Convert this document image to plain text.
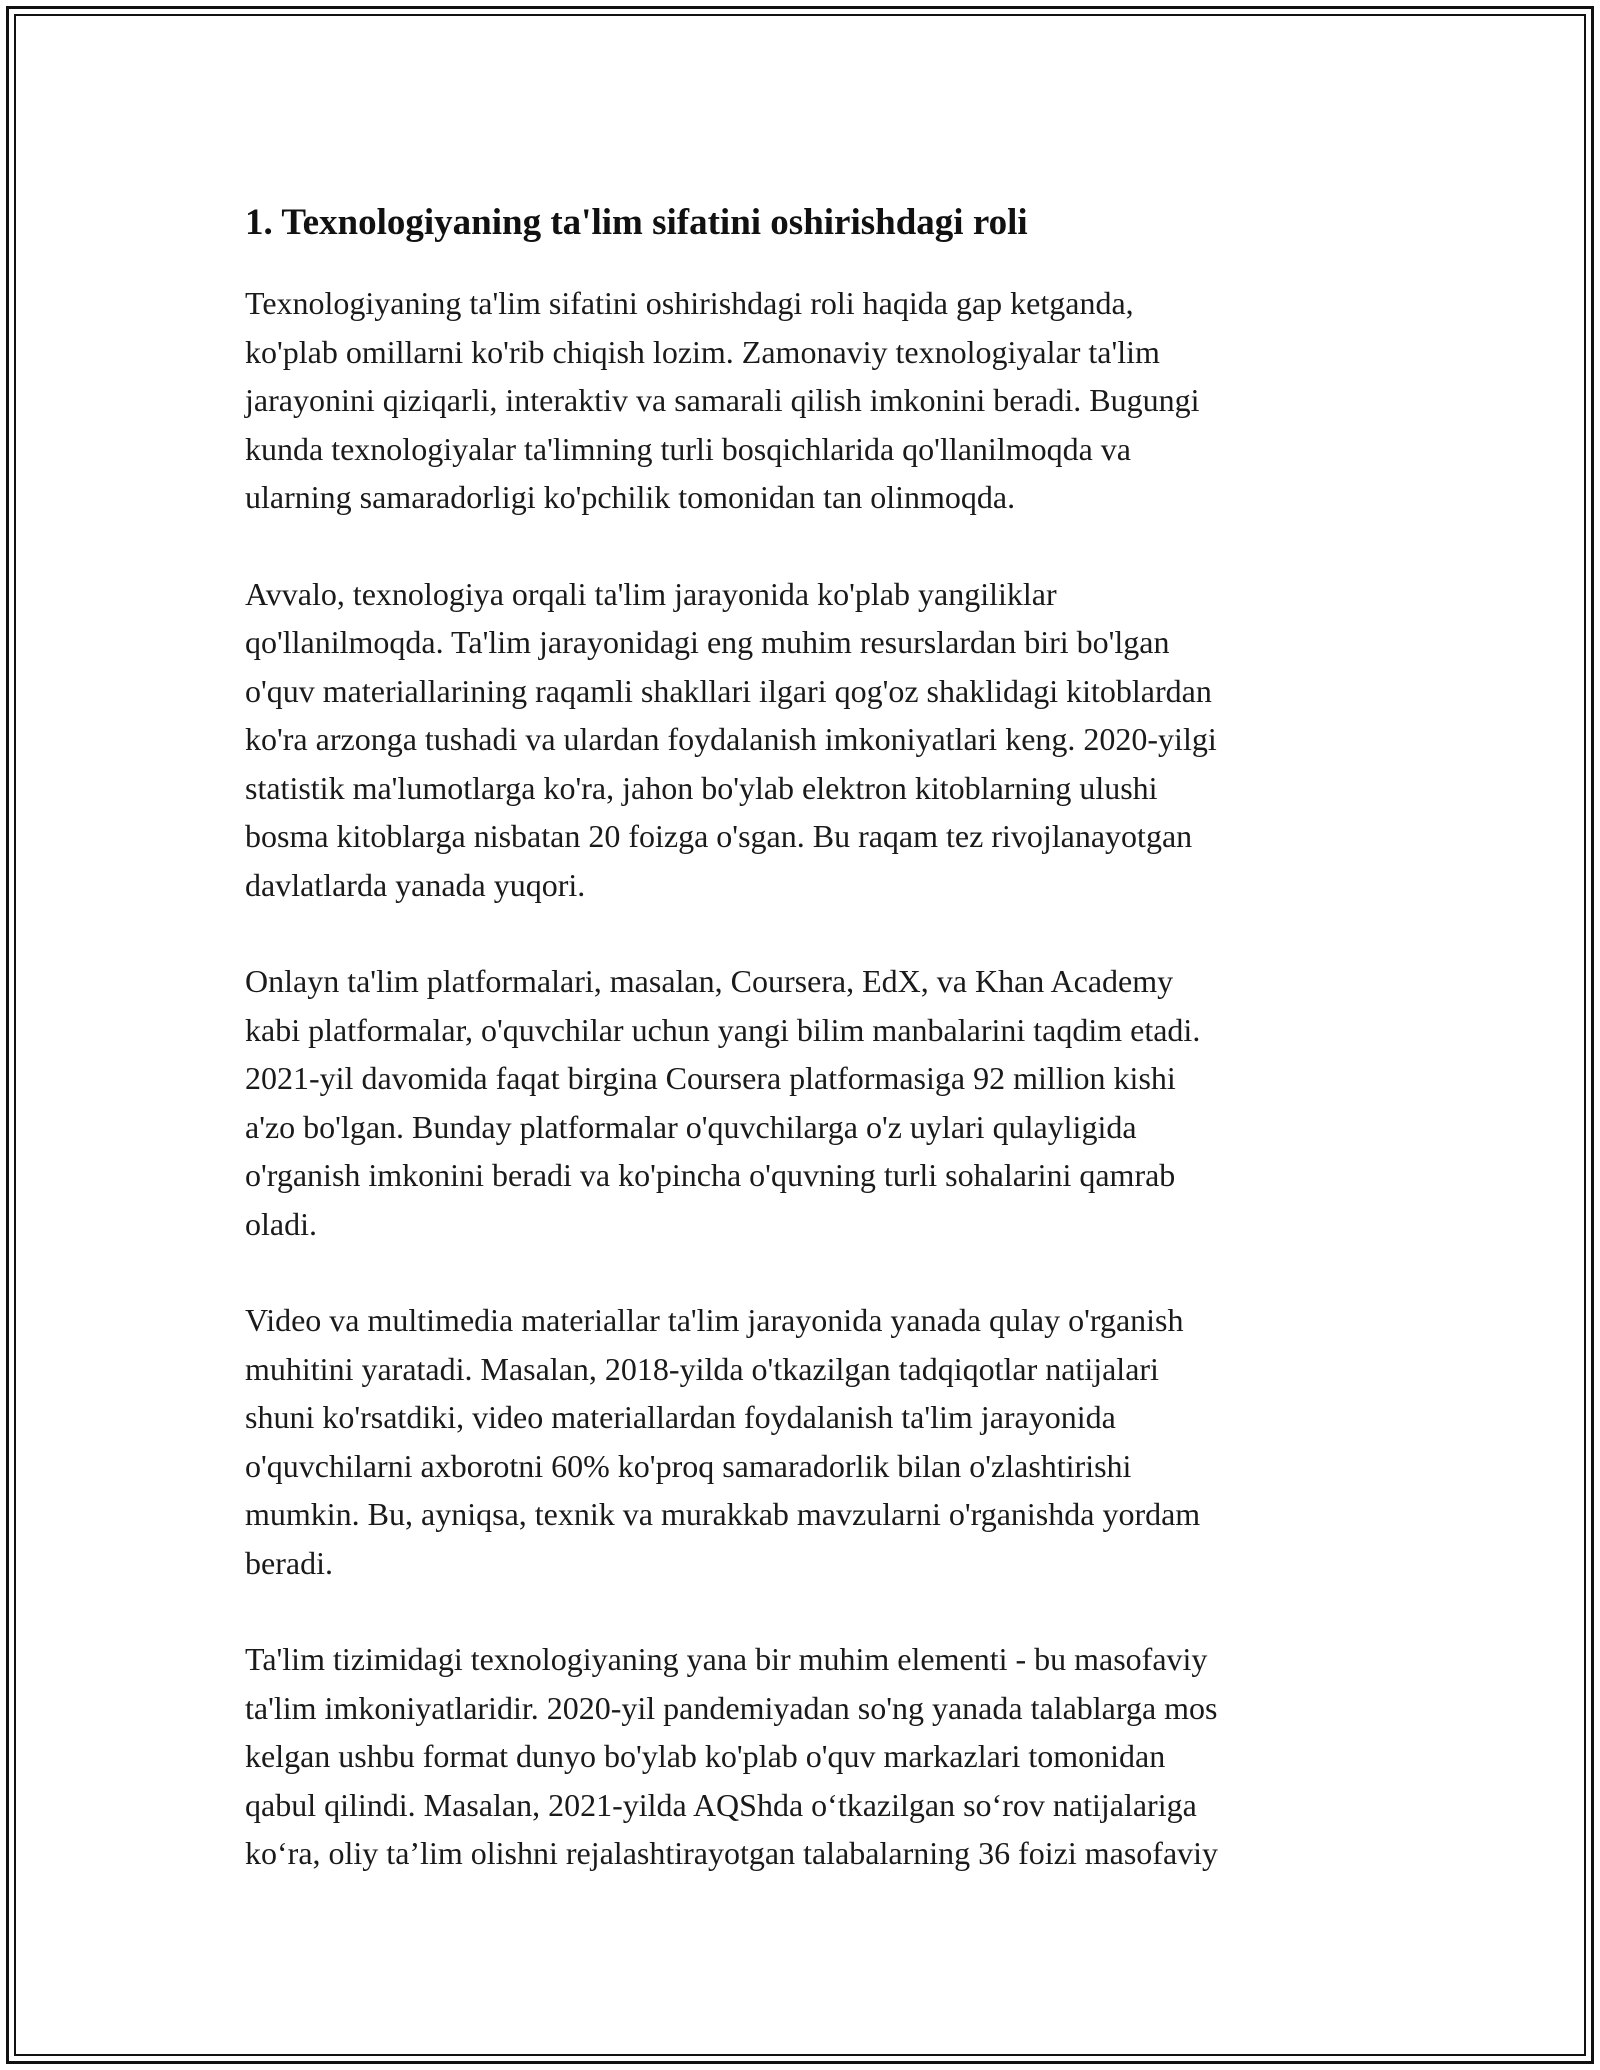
1. Texnologiyaning ta'lim sifatini oshirishdagi roli

Texnologiyaning ta'lim sifatini oshirishdagi roli haqida gap ketganda,
ko'plab omillarni ko'rib chiqish lozim. Zamonaviy texnologiyalar ta'lim
jarayonini qiziqarli, interaktiv va samarali qilish imkonini beradi. Bugungi
kunda texnologiyalar ta'limning turli bosqichlarida qo'llanilmoqda va
ularning samaradorligi ko'pchilik tomonidan tan olinmoqda.

Avvalo, texnologiya orqali ta'lim jarayonida ko'plab yangiliklar
qo'llanilmoqda. Ta'lim jarayonidagi eng muhim resurslardan biri bo'lgan
o'quv materiallarining raqamli shakllari ilgari qog'oz shaklidagi kitoblardan
ko'ra arzonga tushadi va ulardan foydalanish imkoniyatlari keng. 2020-yilgi
statistik ma'lumotlarga ko'ra, jahon bo'ylab elektron kitoblarning ulushi
bosma kitoblarga nisbatan 20 foizga o'sgan. Bu raqam tez rivojlanayotgan
davlatlarda yanada yuqori.

Onlayn ta'lim platformalari, masalan, Coursera, EdX, va Khan Academy
kabi platformalar, o'quvchilar uchun yangi bilim manbalarini taqdim etadi.
2021-yil davomida faqat birgina Coursera platformasiga 92 million kishi
a'zo bo'lgan. Bunday platformalar o'quvchilarga o'z uylari qulayligida
o'rganish imkonini beradi va ko'pincha o'quvning turli sohalarini qamrab
oladi.

Video va multimedia materiallar ta'lim jarayonida yanada qulay o'rganish
muhitini yaratadi. Masalan, 2018-yilda o'tkazilgan tadqiqotlar natijalari
shuni ko'rsatdiki, video materiallardan foydalanish ta'lim jarayonida
o'quvchilarni axborotni 60% ko'proq samaradorlik bilan o'zlashtirishi
mumkin. Bu, ayniqsa, texnik va murakkab mavzularni o'rganishda yordam
beradi.

Ta'lim tizimidagi texnologiyaning yana bir muhim elementi - bu masofaviy
ta'lim imkoniyatlaridir. 2020-yil pandemiyadan so'ng yanada talablarga mos
kelgan ushbu format dunyo bo'ylab ko'plab o'quv markazlari tomonidan
qabul qilindi. Masalan, 2021-yilda AQShda o‘tkazilgan so‘rov natijalariga
ko‘ra, oliy ta’lim olishni rejalashtirayotgan talabalarning 36 foizi masofaviy
